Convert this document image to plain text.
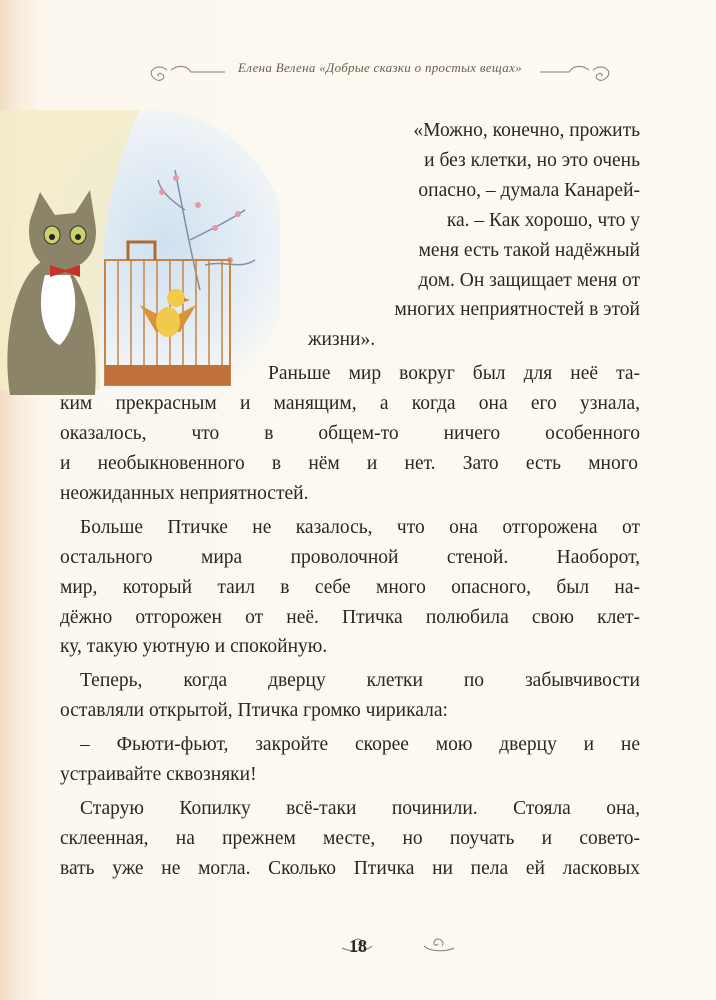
Елена Велена «Добрые сказки о простых вещах»
«Можно, конечно, прожить
и без клетки, но это очень
опасно, – думала Канарей-
ка. – Как хорошо, что у
меня есть такой надёжный
дом. Он защищает меня от
многих неприятностей в этой
жизни».
Раньше мир вокруг был для неё та-
ким прекрасным и манящим, а когда она его узнала,
оказалось, что в общем-то ничего особенного
и необыкновенного в нём и нет. Зато есть много
неожиданных неприятностей.
Больше Птичке не казалось, что она отгорожена от
остального мира проволочной стеной. Наоборот,
мир, который таил в себе много опасного, был на-
дёжно отгорожен от неё. Птичка полюбила свою клет-
ку, такую уютную и спокойную.
Теперь, когда дверцу клетки по забывчивости
оставляли открытой, Птичка громко чирикала:
– Фьюти-фьют, закройте скорее мою дверцу и не
устраивайте сквозняки!
Старую Копилку всё-таки починили. Стояла она,
склеенная, на прежнем месте, но поучать и совето-
вать уже не могла. Сколько Птичка ни пела ей ласковых
18
